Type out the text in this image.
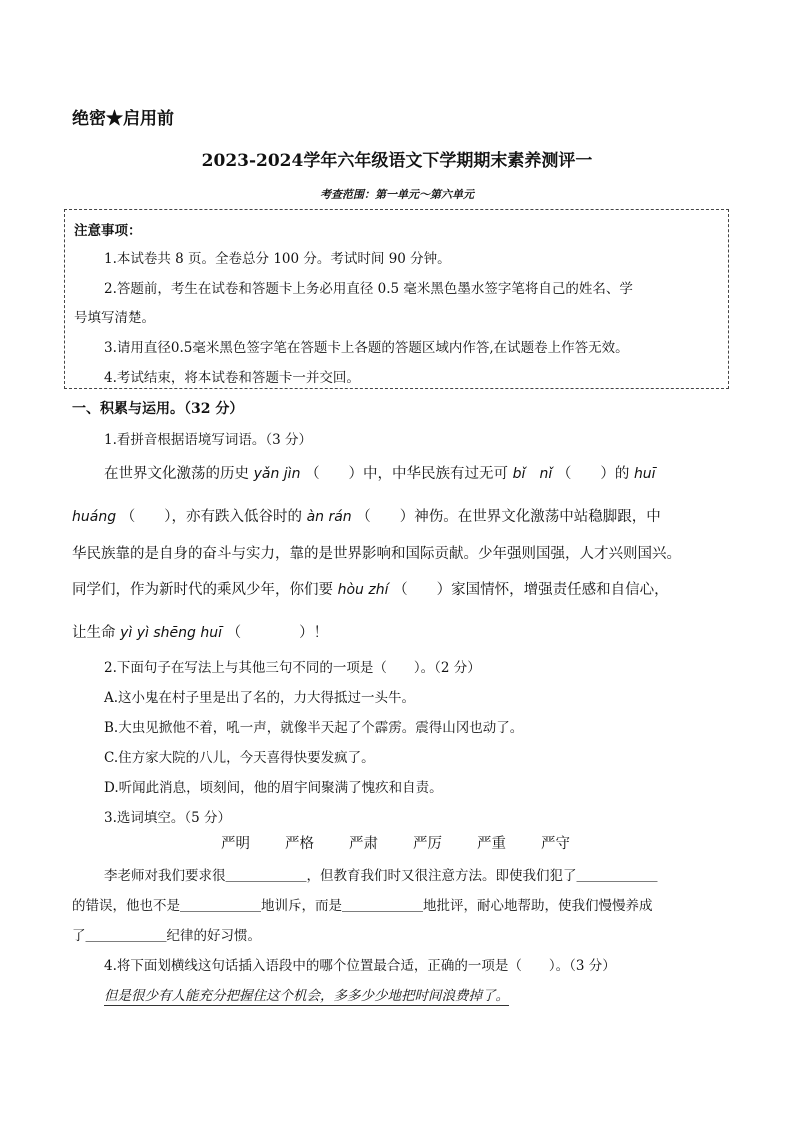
绝密★启用前
2023-2024学年六年级语文下学期期末素养测评一
考查范围：第一单元～第六单元
注意事项：
1.本试卷共 8 页。全卷总分 100 分。考试时间 90 分钟。
2.答题前，考生在试卷和答题卡上务必用直径 0.5 毫米黑色墨水签字笔将自己的姓名、学
号填写清楚。
3.请用直径0.5毫米黑色签字笔在答题卡上各题的答题区域内作答,在试题卷上作答无效。
4.考试结束，将本试卷和答题卡一并交回。
一、积累与运用。（32 分）
1.看拼音根据语境写词语。（3 分）
在世界文化激荡的历史 yǎn jìn （　　）中，中华民族有过无可 bǐ　nǐ （　　）的 huī
huáng （　　），亦有跌入低谷时的 àn rán （　　）神伤。在世界文化激荡中站稳脚跟，中
华民族靠的是自身的奋斗与实力，靠的是世界影响和国际贡献。少年强则国强，人才兴则国兴。
同学们，作为新时代的乘风少年，你们要 hòu zhí （　　）家国情怀，增强责任感和自信心，
让生命 yì yì shēng huī （　　　　）！
2.下面句子在写法上与其他三句不同的一项是（　　）。（2 分）
A.这小鬼在村子里是出了名的，力大得抵过一头牛。
B.大虫见掀他不着，吼一声，就像半天起了个霹雳。震得山冈也动了。
C.住方家大院的八儿，今天喜得快要发疯了。
D.听闻此消息，顷刻间，他的眉宇间聚满了愧疚和自责。
3.选词填空。（5 分）
严明 严格 严肃 严厉 严重 严守
李老师对我们要求很＿＿＿＿＿＿，但教育我们时又很注意方法。即使我们犯了＿＿＿＿＿＿
的错误，他也不是＿＿＿＿＿＿地训斥，而是＿＿＿＿＿＿地批评，耐心地帮助，使我们慢慢养成
了＿＿＿＿＿＿纪律的好习惯。
4.将下面划横线这句话插入语段中的哪个位置最合适，正确的一项是（　　）。（3 分）
但是很少有人能充分把握住这个机会，多多少少地把时间浪费掉了。
